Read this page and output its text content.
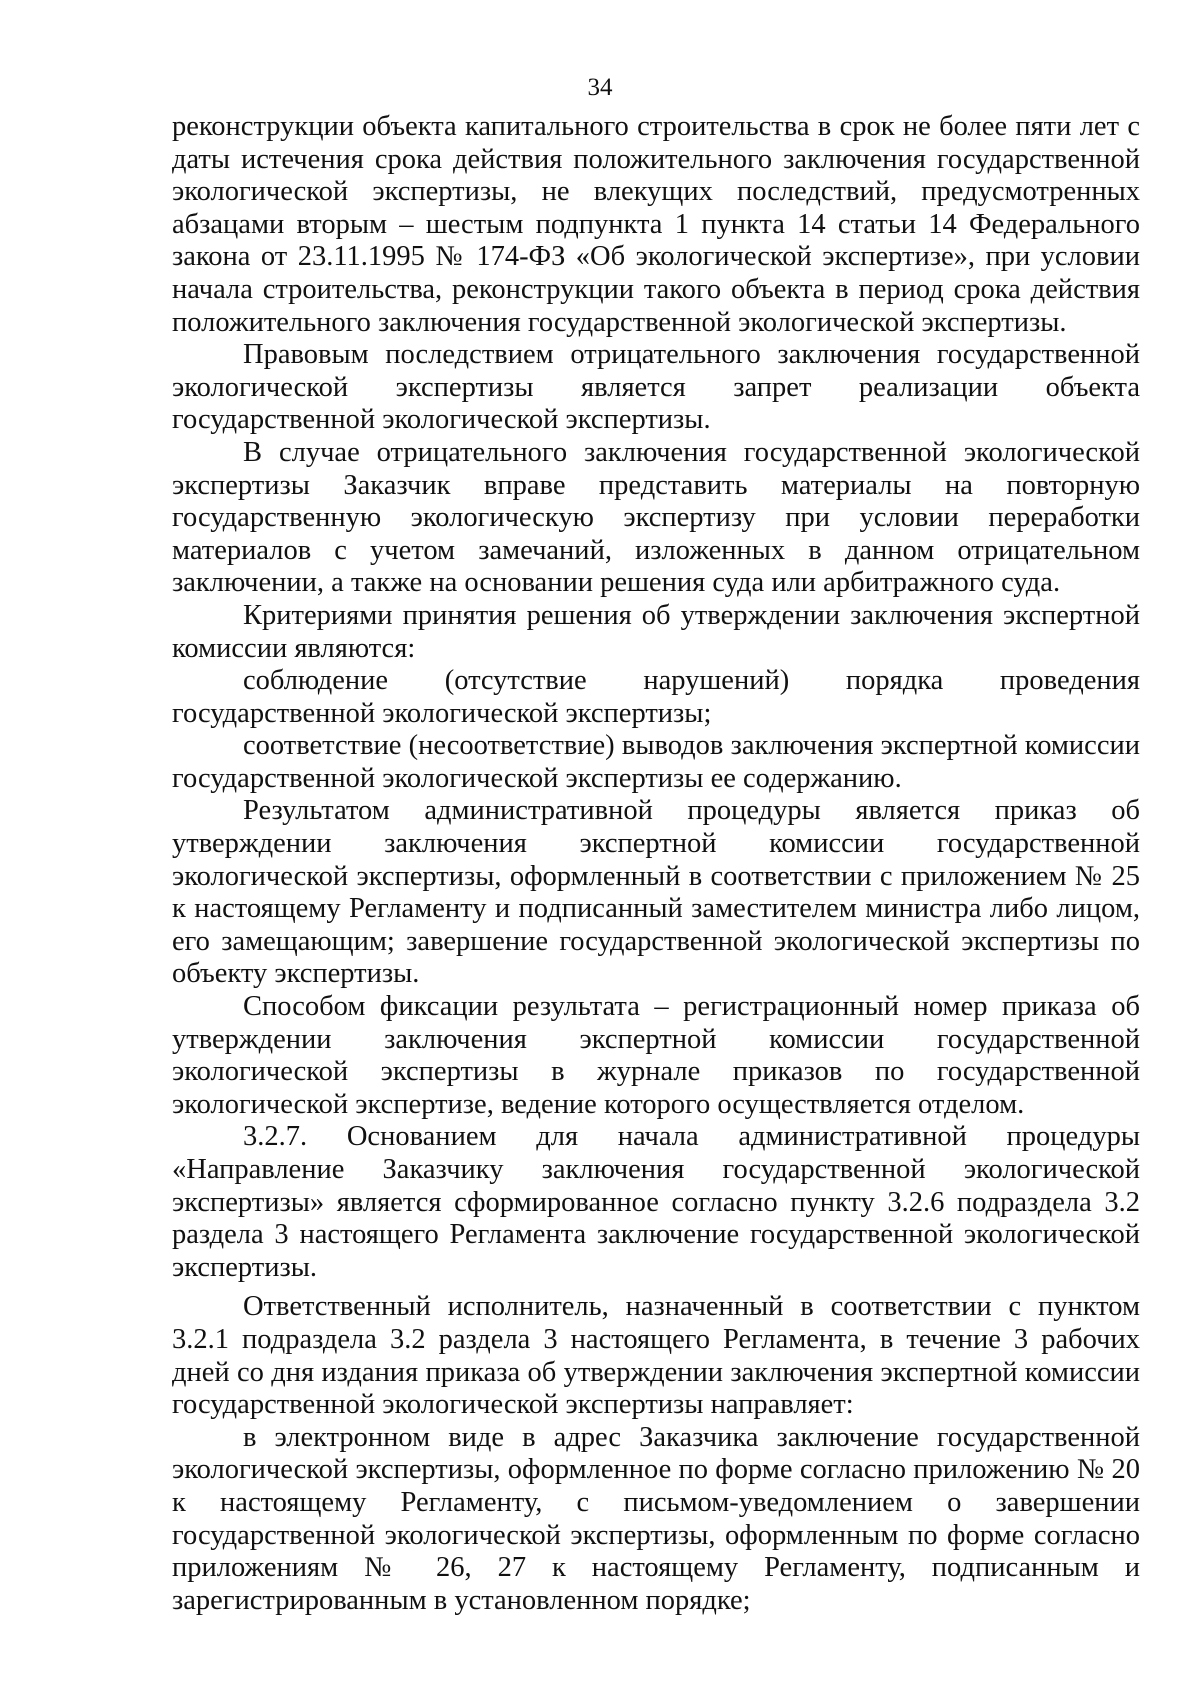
34

реконструкции объекта капитального строительства в срок не более пяти лет с даты истечения срока действия положительного заключения государственной экологической экспертизы, не влекущих последствий, предусмотренных абзацами вторым – шестым подпункта 1 пункта 14 статьи 14 Федерального закона от 23.11.1995 № 174-ФЗ «Об экологической экспертизе», при условии начала строительства, реконструкции такого объекта в период срока действия положительного заключения государственной экологической экспертизы.

Правовым последствием отрицательного заключения государственной экологической экспертизы является запрет реализации объекта государственной экологической экспертизы.

В случае отрицательного заключения государственной экологической экспертизы Заказчик вправе представить материалы на повторную государственную экологическую экспертизу при условии переработки материалов с учетом замечаний, изложенных в данном отрицательном заключении, а также на основании решения суда или арбитражного суда.

Критериями принятия решения об утверждении заключения экспертной комиссии являются:

соблюдение (отсутствие нарушений) порядка проведения государственной экологической экспертизы;

соответствие (несоответствие) выводов заключения экспертной комиссии государственной экологической экспертизы ее содержанию.

Результатом административной процедуры является приказ об утверждении заключения экспертной комиссии государственной экологической экспертизы, оформленный в соответствии с приложением № 25 к настоящему Регламенту и подписанный заместителем министра либо лицом, его замещающим; завершение государственной экологической экспертизы по объекту экспертизы.

Способом фиксации результата – регистрационный номер приказа об утверждении заключения экспертной комиссии государственной экологической экспертизы в журнале приказов по государственной экологической экспертизе, ведение которого осуществляется отделом.

3.2.7. Основанием для начала административной процедуры «Направление Заказчику заключения государственной экологической экспертизы» является сформированное согласно пункту 3.2.6 подраздела 3.2 раздела 3 настоящего Регламента заключение государственной экологической экспертизы.

Ответственный исполнитель, назначенный в соответствии с пунктом 3.2.1 подраздела 3.2 раздела 3 настоящего Регламента, в течение 3 рабочих дней со дня издания приказа об утверждении заключения экспертной комиссии государственной экологической экспертизы направляет:

в электронном виде в адрес Заказчика заключение государственной экологической экспертизы, оформленное по форме согласно приложению № 20 к настоящему Регламенту, с письмом-уведомлением о завершении государственной экологической экспертизы, оформленным по форме согласно приложениям № 26, 27 к настоящему Регламенту, подписанным и зарегистрированным в установленном порядке;
